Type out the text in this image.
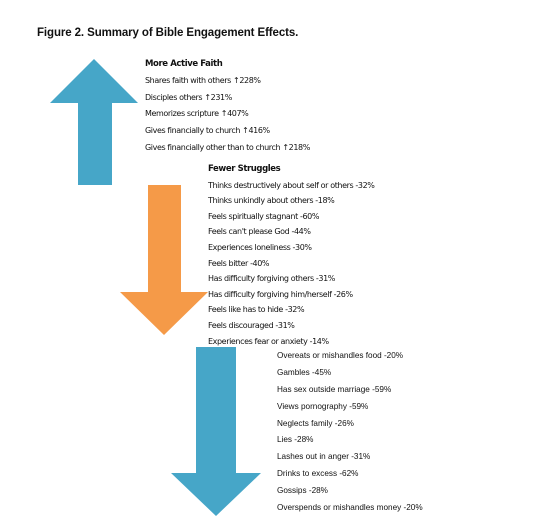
Figure 2. Summary of Bible Engagement Effects.
More Active Faith
Shares faith with others ↑228%
Disciples others ↑231%
Memorizes scripture ↑407%
Gives financially to church ↑416%
Gives financially other than to church ↑218%
Fewer Struggles
Thinks destructively about self or others -32%
Thinks unkindly about others -18%
Feels spiritually stagnant -60%
Feels can't please God -44%
Experiences loneliness -30%
Feels bitter -40%
Has difficulty forgiving others -31%
Has difficulty forgiving him/herself -26%
Feels like has to hide -32%
Feels discouraged -31%
Experiences fear or anxiety -14%
Overeats or mishandles food -20%
Gambles -45%
Has sex outside marriage -59%
Views pornography -59%
Neglects family -26%
Lies -28%
Lashes out in anger -31%
Drinks to excess -62%
Gossips -28%
Overspends or mishandles money -20%
